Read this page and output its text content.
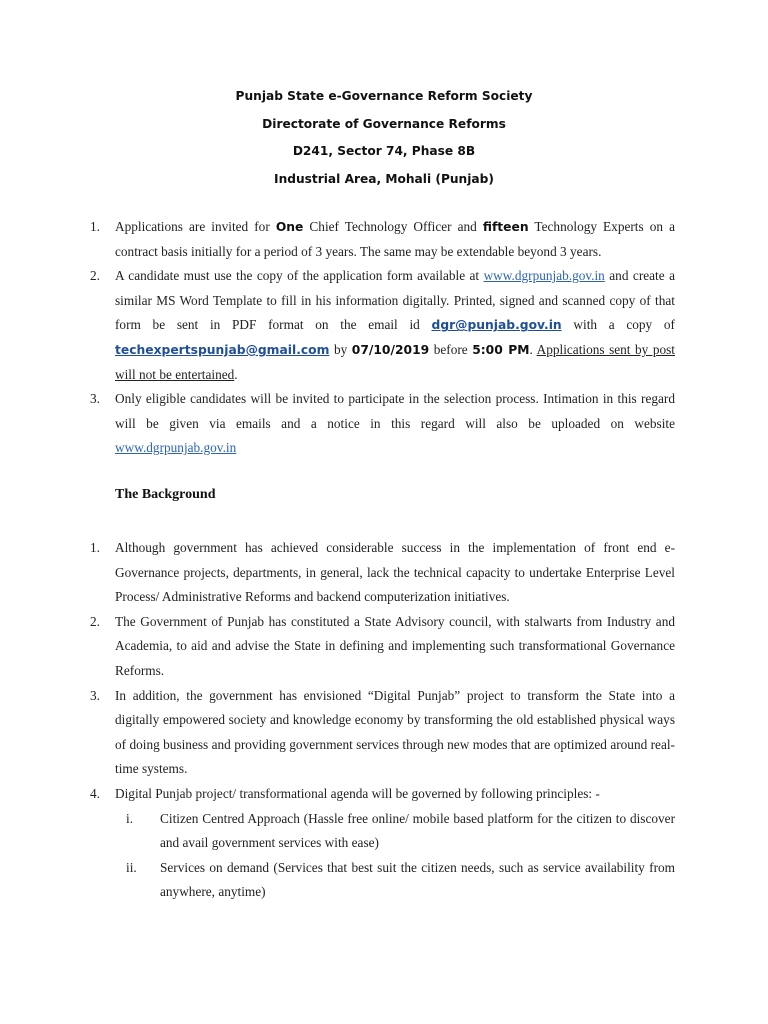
Punjab State e-Governance Reform Society
Directorate of Governance Reforms
D241, Sector 74, Phase 8B
Industrial Area, Mohali (Punjab)
1. Applications are invited for One Chief Technology Officer and fifteen Technology Experts on a contract basis initially for a period of 3 years. The same may be extendable beyond 3 years.
2. A candidate must use the copy of the application form available at www.dgrpunjab.gov.in and create a similar MS Word Template to fill in his information digitally. Printed, signed and scanned copy of that form be sent in PDF format on the email id dgr@punjab.gov.in with a copy of techexpertspunjab@gmail.com by 07/10/2019 before 5:00 PM. Applications sent by post will not be entertained.
3. Only eligible candidates will be invited to participate in the selection process. Intimation in this regard will be given via emails and a notice in this regard will also be uploaded on website www.dgrpunjab.gov.in
The Background
1. Although government has achieved considerable success in the implementation of front end e-Governance projects, departments, in general, lack the technical capacity to undertake Enterprise Level Process/ Administrative Reforms and backend computerization initiatives.
2. The Government of Punjab has constituted a State Advisory council, with stalwarts from Industry and Academia, to aid and advise the State in defining and implementing such transformational Governance Reforms.
3. In addition, the government has envisioned “Digital Punjab” project to transform the State into a digitally empowered society and knowledge economy by transforming the old established physical ways of doing business and providing government services through new modes that are optimized around real-time systems.
4. Digital Punjab project/ transformational agenda will be governed by following principles: -
i. Citizen Centred Approach (Hassle free online/ mobile based platform for the citizen to discover and avail government services with ease)
ii. Services on demand (Services that best suit the citizen needs, such as service availability from anywhere, anytime)
